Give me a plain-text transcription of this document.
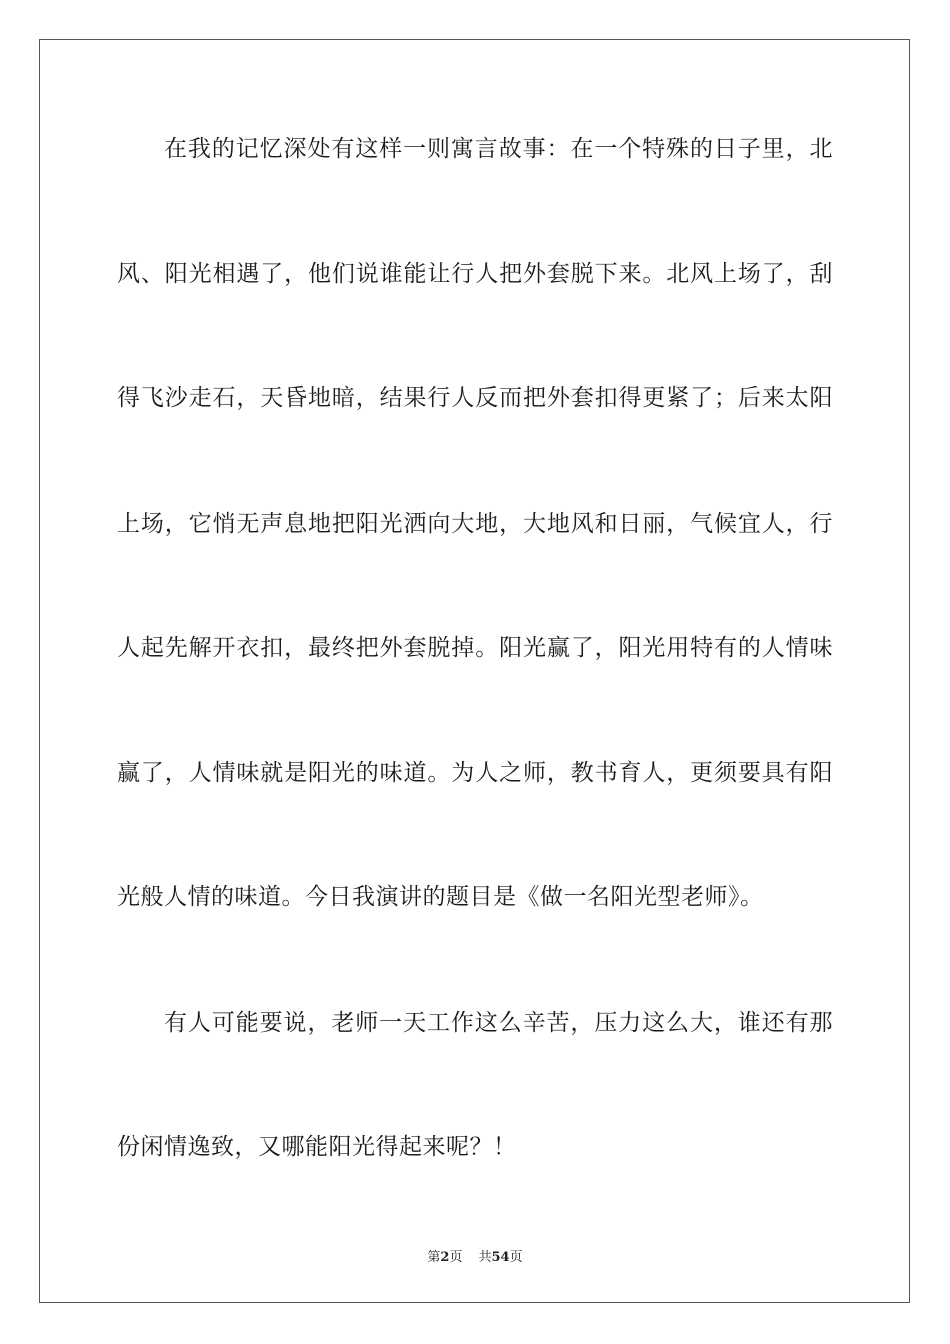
在我的记忆深处有这样一则寓言故事：在一个特殊的日子里，北
风、阳光相遇了，他们说谁能让行人把外套脱下来。北风上场了，刮
得飞沙走石，天昏地暗，结果行人反而把外套扣得更紧了；后来太阳
上场，它悄无声息地把阳光洒向大地，大地风和日丽，气候宜人，行
人起先解开衣扣，最终把外套脱掉。阳光赢了，阳光用特有的人情味
赢了，人情味就是阳光的味道。为人之师，教书育人，更须要具有阳
光般人情的味道。今日我演讲的题目是《做一名阳光型老师》。
有人可能要说，老师一天工作这么辛苦，压力这么大，谁还有那
份闲情逸致，又哪能阳光得起来呢？！
第2页 共54页
